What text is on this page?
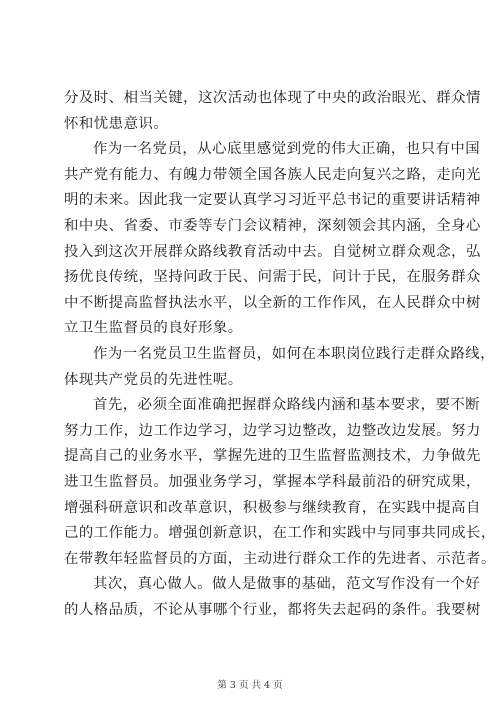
分及时、相当关键，这次活动也体现了中央的政治眼光、群众情
怀和忧患意识。
作为一名党员，从心底里感觉到党的伟大正确，也只有中国
共产党有能力、有魄力带领全国各族人民走向复兴之路，走向光
明的未来。因此我一定要认真学习习近平总书记的重要讲话精神
和中央、省委、市委等专门会议精神，深刻领会其内涵，全身心
投入到这次开展群众路线教育活动中去。自觉树立群众观念，弘
扬优良传统，坚持问政于民、问需于民，问计于民，在服务群众
中不断提高监督执法水平，以全新的工作作风，在人民群众中树
立卫生监督员的良好形象。
作为一名党员卫生监督员，如何在本职岗位践行走群众路线，
体现共产党员的先进性呢。
首先，必须全面准确把握群众路线内涵和基本要求，要不断
努力工作，边工作边学习，边学习边整改，边整改边发展。努力
提高自己的业务水平，掌握先进的卫生监督监测技术，力争做先
进卫生监督员。加强业务学习，掌握本学科最前沿的研究成果，
增强科研意识和改革意识，积极参与继续教育，在实践中提高自
己的工作能力。增强创新意识，在工作和实践中与同事共同成长，
在带教年轻监督员的方面，主动进行群众工作的先进者、示范者。
其次，真心做人。做人是做事的基础，范文写作没有一个好
的人格品质，不论从事哪个行业，都将失去起码的条件。我要树
第 3 页 共 4 页
